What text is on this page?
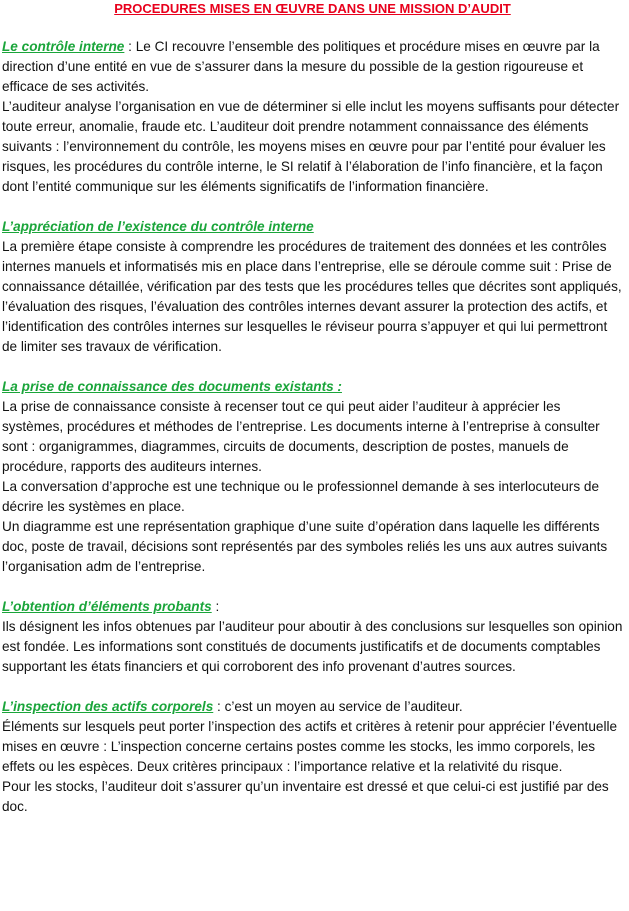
PROCEDURES MISES EN ŒUVRE DANS UNE MISSION D’AUDIT

Le contrôle interne : Le CI recouvre l’ensemble des politiques et procédure mises en œuvre par la direction d’une entité en vue de s’assurer dans la mesure du possible de la gestion rigoureuse et efficace de ses activités.

L’auditeur analyse l’organisation en vue de déterminer si elle inclut les moyens suffisants pour détecter toute erreur, anomalie, fraude etc. L’auditeur doit prendre notamment connaissance des éléments suivants : l’environnement du contrôle, les moyens mises en œuvre pour par l’entité pour évaluer les risques, les procédures du contrôle interne, le SI relatif à l’élaboration de l’info financière, et la façon dont l’entité communique sur les éléments significatifs de l’information financière.

L’appréciation de l’existence du contrôle interne

La première étape consiste à comprendre les procédures de traitement des données et les contrôles internes manuels et informatisés mis en place dans l’entreprise, elle se déroule comme suit : Prise de connaissance détaillée, vérification par des tests que les procédures telles que décrites sont appliqués, l’évaluation des risques, l’évaluation des contrôles internes devant assurer la protection des actifs, et l’identification des contrôles internes sur lesquelles le réviseur pourra s’appuyer et qui lui permettront de limiter ses travaux de vérification.

La prise de connaissance des documents existants :

La prise de connaissance consiste à recenser tout ce qui peut aider l’auditeur à apprécier les systèmes, procédures et méthodes de l’entreprise. Les documents interne à l’entreprise à consulter sont : organigrammes, diagrammes, circuits de documents, description de postes, manuels de procédure, rapports des auditeurs internes.

La conversation d’approche est une technique ou le professionnel demande à ses interlocuteurs de décrire les systèmes en place.

Un diagramme est une représentation graphique d’une suite d’opération dans laquelle les différents doc, poste de travail, décisions sont représentés par des symboles reliés les uns aux autres suivants l’organisation adm de l’entreprise.

L’obtention d’éléments probants :

Ils désignent les infos obtenues par l’auditeur pour aboutir à des conclusions sur lesquelles son opinion est fondée. Les informations sont constitués de documents justificatifs et de documents comptables supportant les états financiers et qui corroborent des info provenant d’autres sources.

L’inspection des actifs corporels : c’est un moyen au service de l’auditeur.

Éléments sur lesquels peut porter l’inspection des actifs et critères à retenir pour apprécier l’éventuelle mises en œuvre : L’inspection concerne certains postes comme les stocks, les immo corporels, les effets ou les espèces. Deux critères principaux : l’importance relative et la relativité du risque.

Pour les stocks, l’auditeur doit s’assurer qu’un inventaire est dressé et que celui-ci est justifié par des doc.
